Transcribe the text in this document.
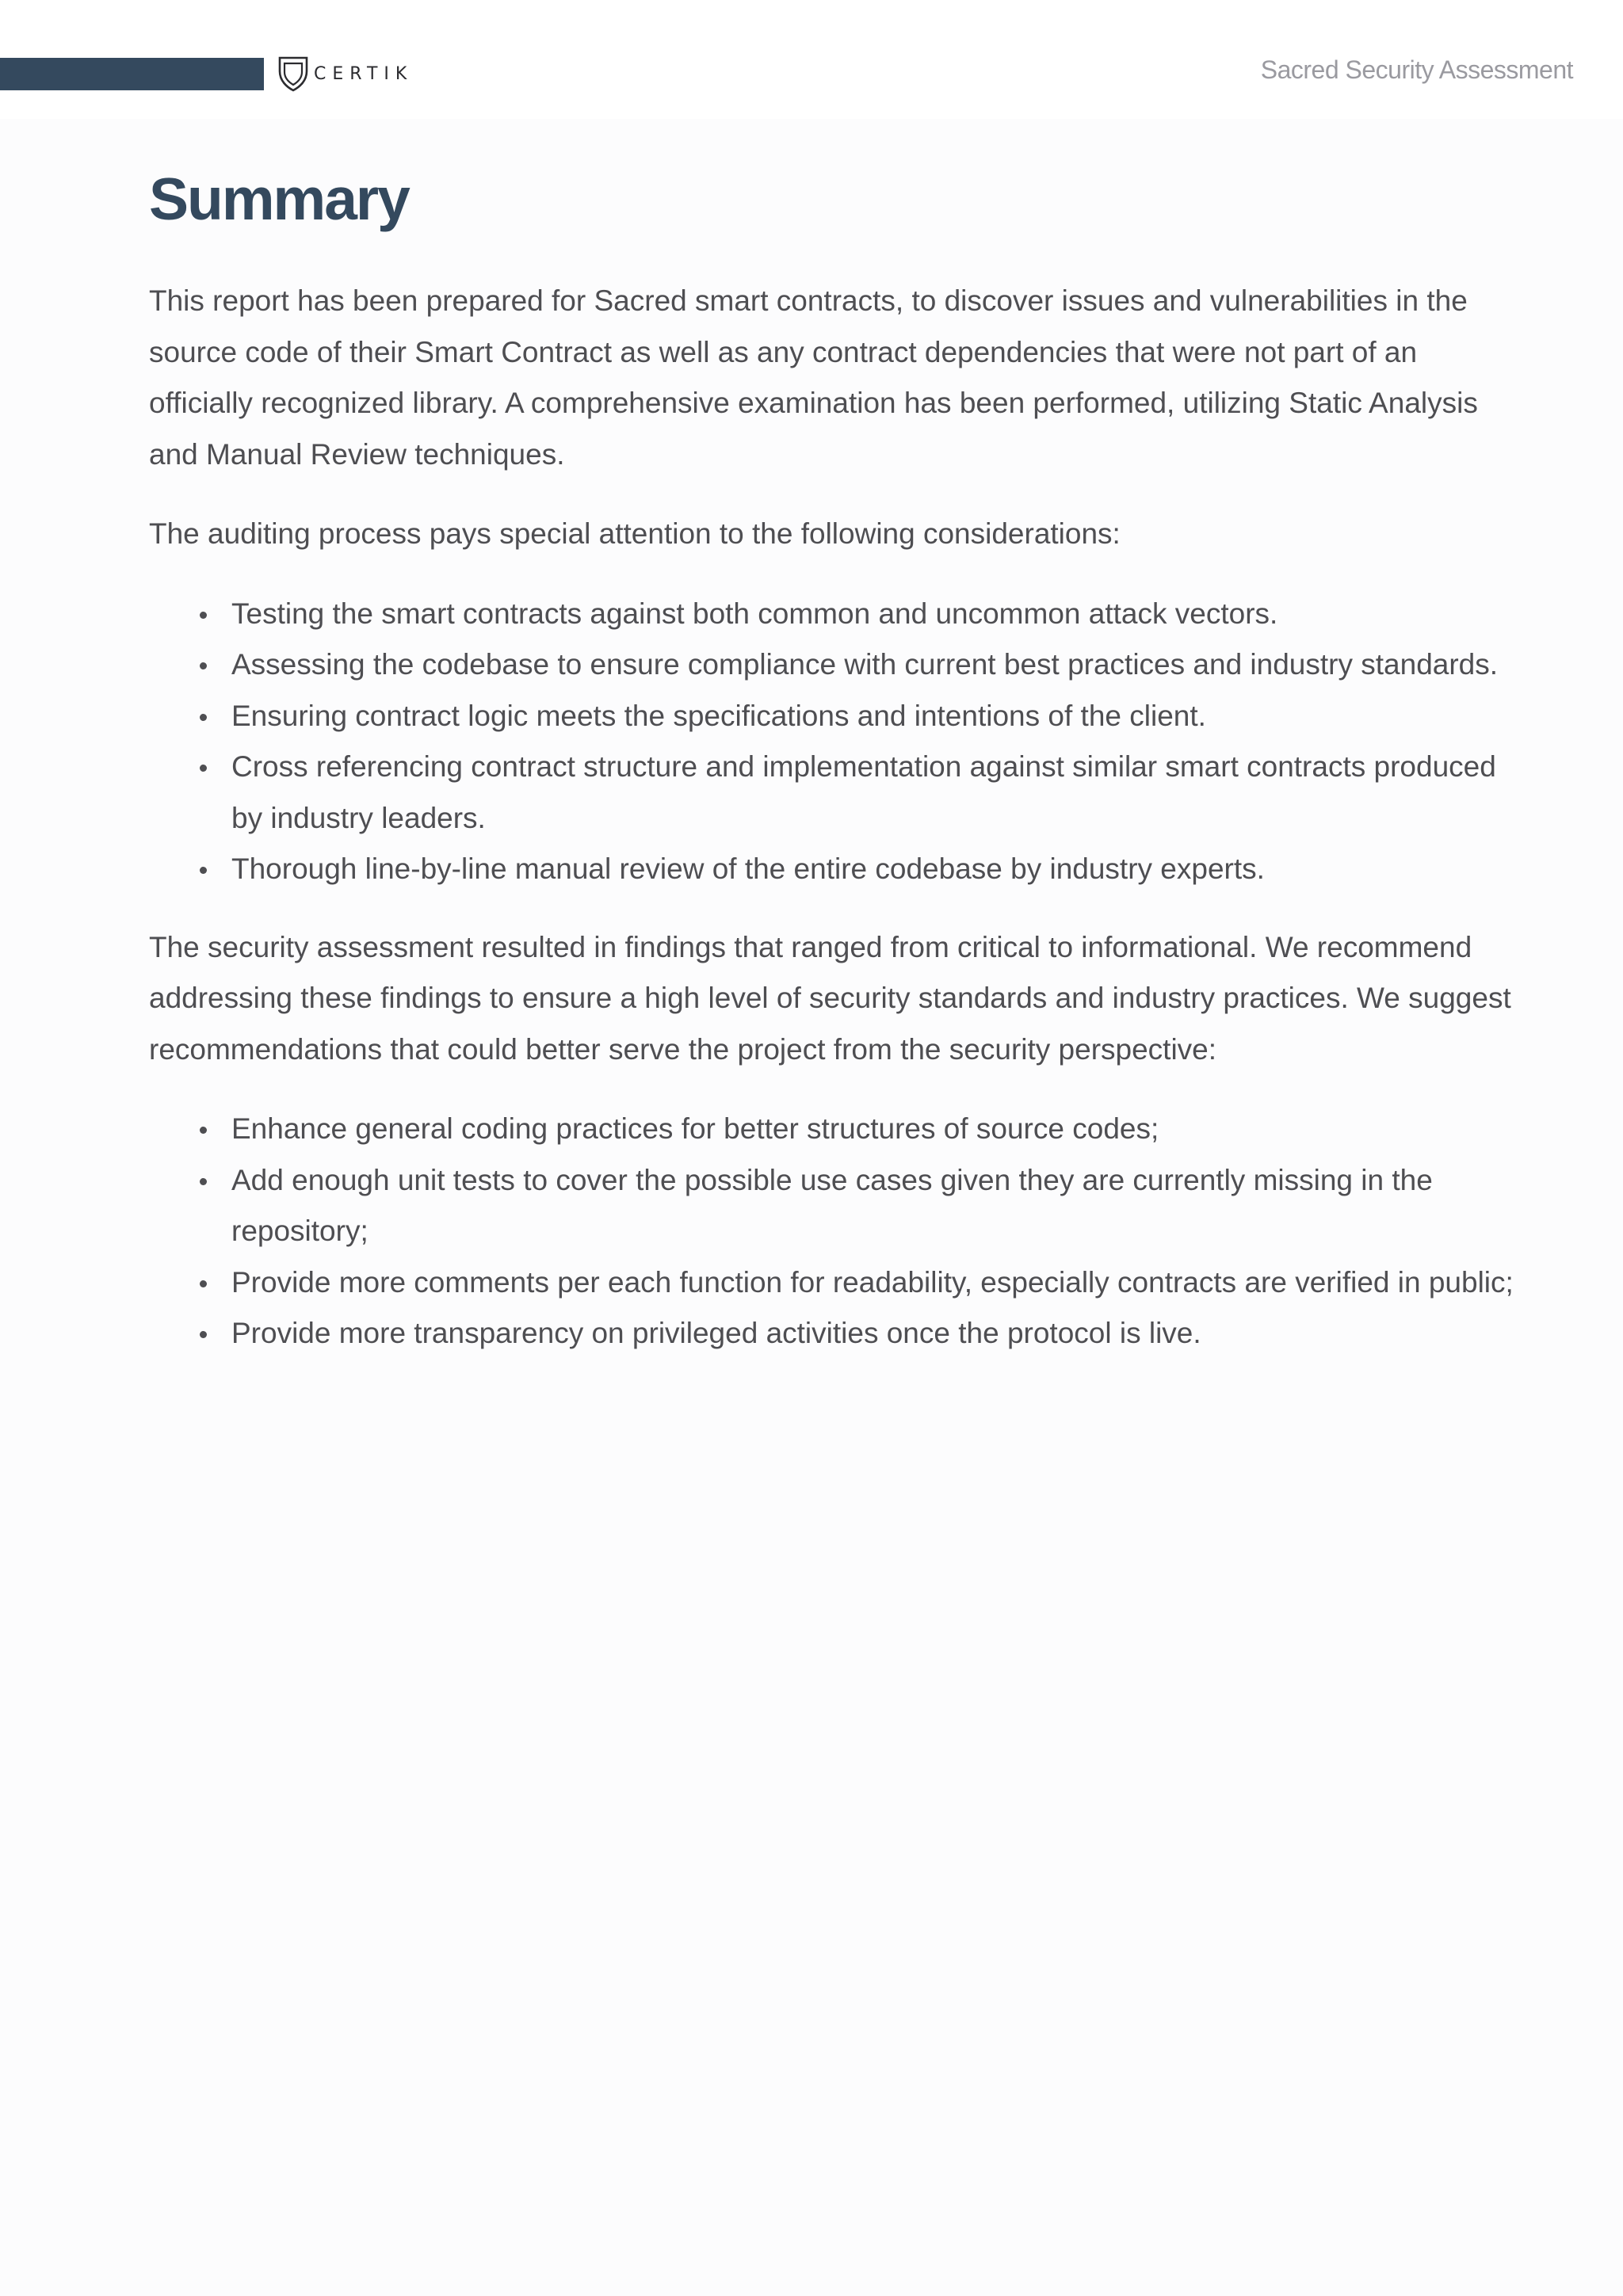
CERTIK	Sacred Security Assessment
Summary

This report has been prepared for Sacred smart contracts, to discover issues and vulnerabilities in the source code of their Smart Contract as well as any contract dependencies that were not part of an officially recognized library. A comprehensive examination has been performed, utilizing Static Analysis and Manual Review techniques.

The auditing process pays special attention to the following considerations:

Testing the smart contracts against both common and uncommon attack vectors.
Assessing the codebase to ensure compliance with current best practices and industry standards.
Ensuring contract logic meets the specifications and intentions of the client.
Cross referencing contract structure and implementation against similar smart contracts produced by industry leaders.
Thorough line-by-line manual review of the entire codebase by industry experts.

The security assessment resulted in findings that ranged from critical to informational. We recommend addressing these findings to ensure a high level of security standards and industry practices. We suggest recommendations that could better serve the project from the security perspective:

Enhance general coding practices for better structures of source codes;
Add enough unit tests to cover the possible use cases given they are currently missing in the repository;
Provide more comments per each function for readability, especially contracts are verified in public;
Provide more transparency on privileged activities once the protocol is live.
